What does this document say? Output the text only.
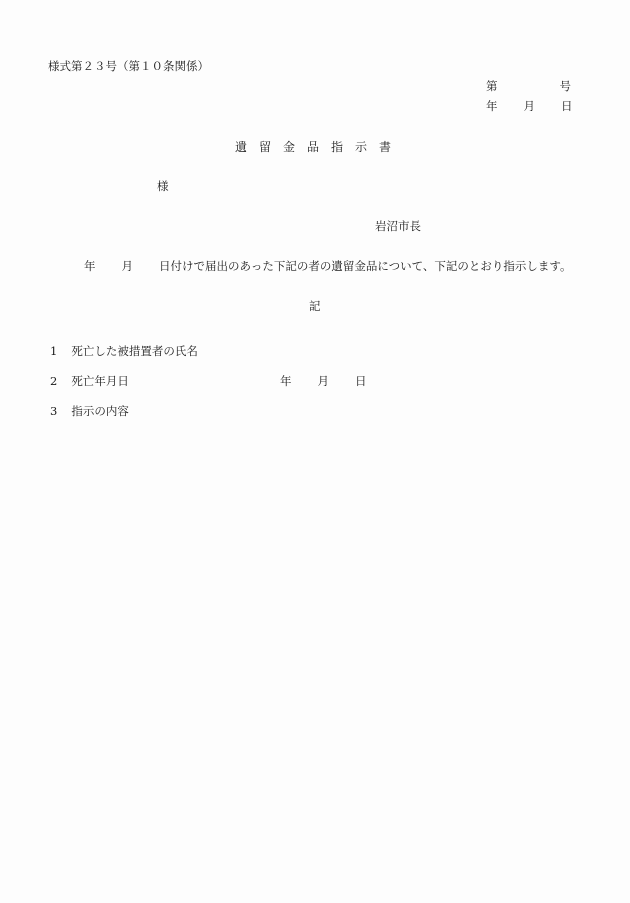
様式第２３号（第１０条関係）
第	号
年 月 日
遺　留　金　品　指　示　書
様
岩沼市長
年 月 日付けで届出のあった下記の者の遺留金品について、下記のとおり指示します。
記
1 死亡した被措置者の氏名
2 死亡年月日	年 月 日
3 指示の内容
